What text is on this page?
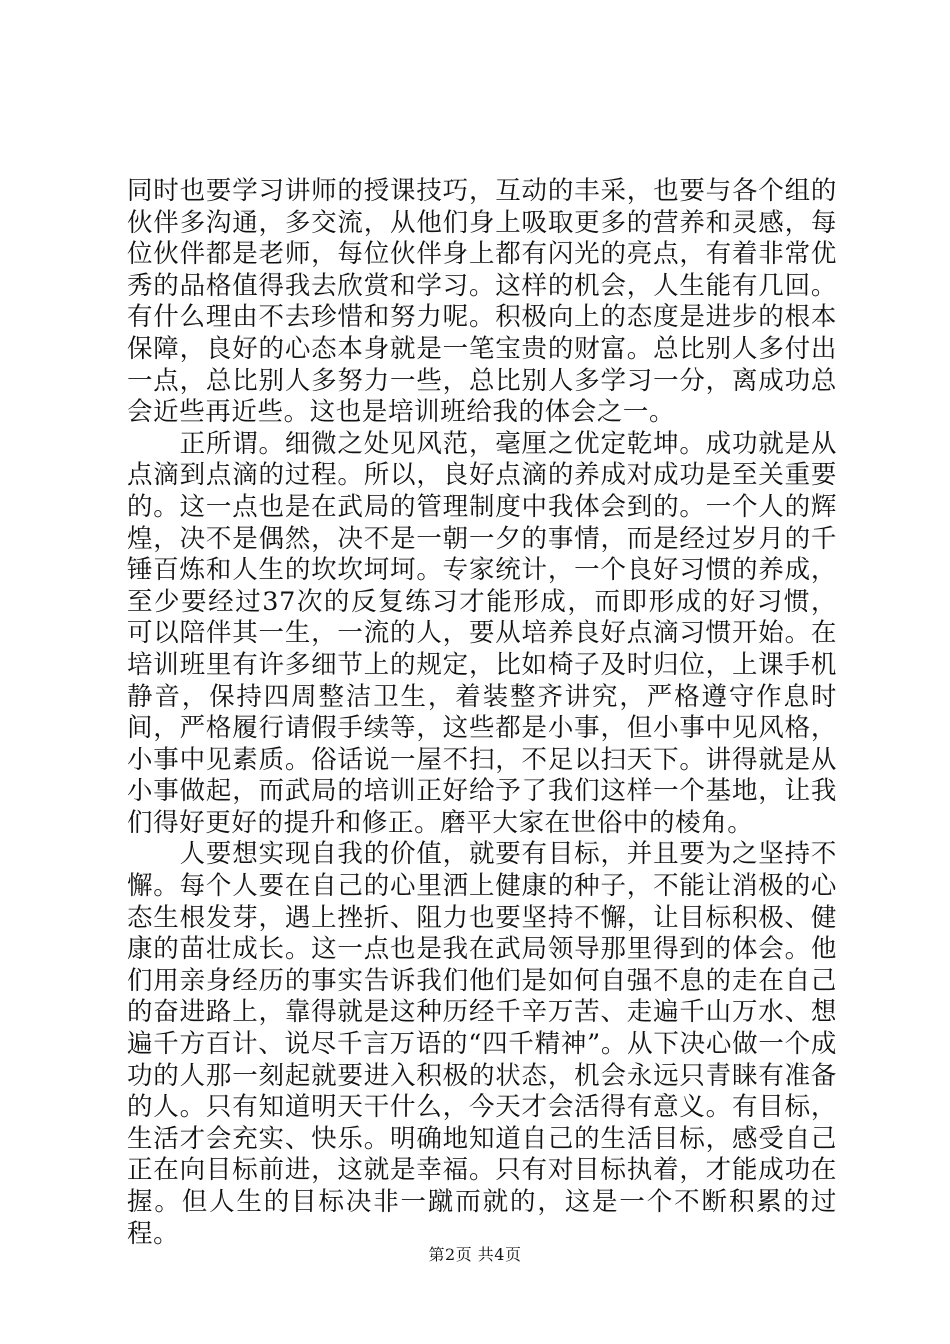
同时也要学习讲师的授课技巧，互动的丰采，也要与各个组的伙伴多沟通，多交流，从他们身上吸取更多的营养和灵感，每位伙伴都是老师，每位伙伴身上都有闪光的亮点，有着非常优秀的品格值得我去欣赏和学习。这样的机会，人生能有几回。有什么理由不去珍惜和努力呢。积极向上的态度是进步的根本保障，良好的心态本身就是一笔宝贵的财富。总比别人多付出一点，总比别人多努力一些，总比别人多学习一分，离成功总会近些再近些。这也是培训班给我的体会之一。

　　正所谓。细微之处见风范，毫厘之优定乾坤。成功就是从点滴到点滴的过程。所以，良好点滴的养成对成功是至关重要的。这一点也是在武局的管理制度中我体会到的。一个人的辉煌，决不是偶然，决不是一朝一夕的事情，而是经过岁月的千锤百炼和人生的坎坎坷坷。专家统计，一个良好习惯的养成，至少要经过37次的反复练习才能形成，而即形成的好习惯，可以陪伴其一生，一流的人，要从培养良好点滴习惯开始。在培训班里有许多细节上的规定，比如椅子及时归位，上课手机静音，保持四周整洁卫生，着装整齐讲究，严格遵守作息时间，严格履行请假手续等，这些都是小事，但小事中见风格，小事中见素质。俗话说一屋不扫，不足以扫天下。讲得就是从小事做起，而武局的培训正好给予了我们这样一个基地，让我们得好更好的提升和修正。磨平大家在世俗中的棱角。

　　人要想实现自我的价值，就要有目标，并且要为之坚持不懈。每个人要在自己的心里洒上健康的种子，不能让消极的心态生根发芽，遇上挫折、阻力也要坚持不懈，让目标积极、健康的苗壮成长。这一点也是我在武局领导那里得到的体会。他们用亲身经历的事实告诉我们他们是如何自强不息的走在自己的奋进路上，靠得就是这种历经千辛万苦、走遍千山万水、想遍千方百计、说尽千言万语的“四千精神”。从下决心做一个成功的人那一刻起就要进入积极的状态，机会永远只青睐有准备的人。只有知道明天干什么，今天才会活得有意义。有目标，生活才会充实、快乐。明确地知道自己的生活目标，感受自己正在向目标前进，这就是幸福。只有对目标执着，才能成功在握。但人生的目标决非一蹴而就的，这是一个不断积累的过程。

第2页 共4页
